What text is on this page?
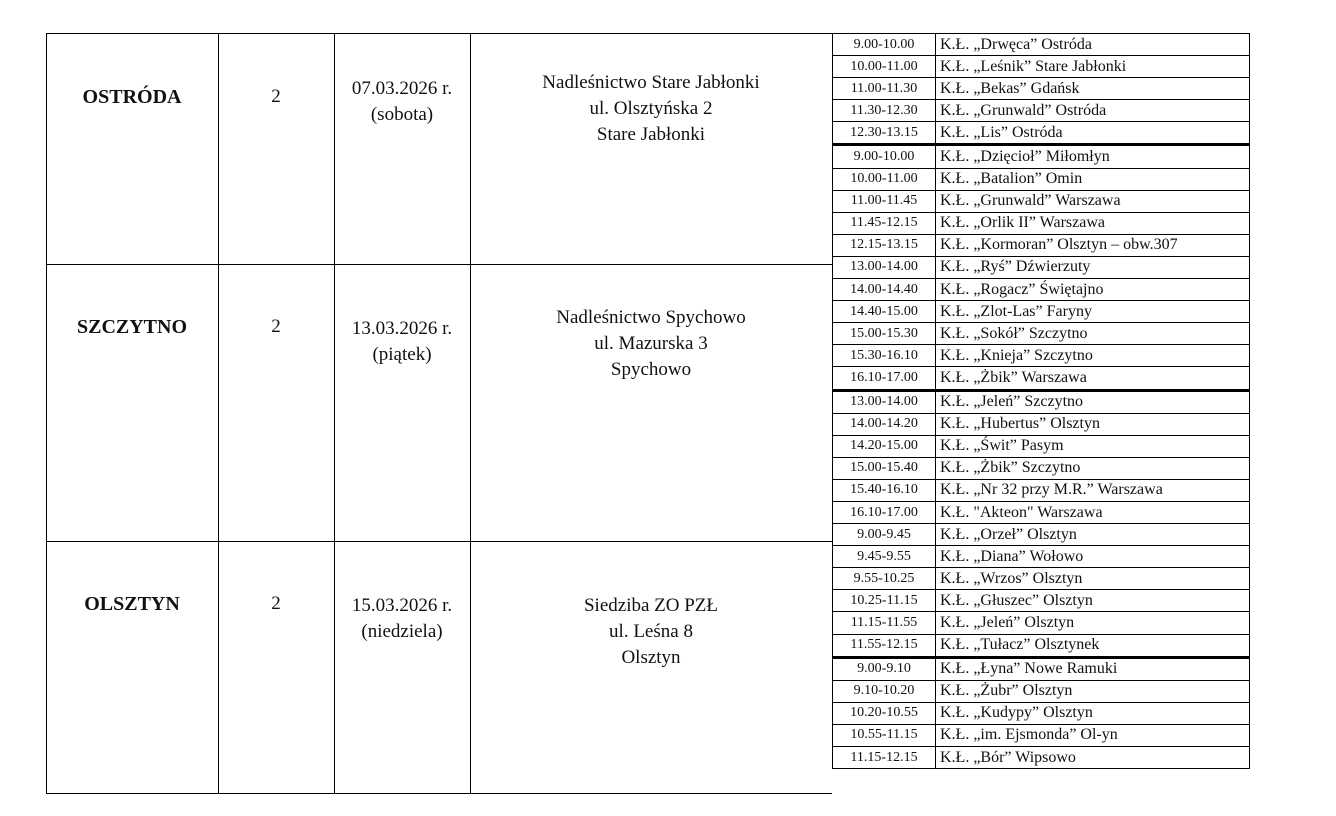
OSTRÓDA	2	07.03.2026 r.
(sobota)
Nadleśnictwo Stare Jabłonki
ul. Olsztyńska 2
Stare Jabłonki
SZCZYTNO	2	13.03.2026 r.
(piątek)
Nadleśnictwo Spychowo
ul. Mazurska 3
Spychowo
OLSZTYN	2	15.03.2026 r.
(niedziela)
Siedziba ZO PZŁ
ul. Leśna 8
Olsztyn
9.00-10.00	K.Ł. „Drwęca” Ostróda
10.00-11.00	K.Ł. „Leśnik” Stare Jabłonki
11.00-11.30	K.Ł. „Bekas” Gdańsk
11.30-12.30	K.Ł. „Grunwald” Ostróda
12.30-13.15	K.Ł. „Lis” Ostróda
9.00-10.00	K.Ł. „Dzięcioł” Miłomłyn
10.00-11.00	K.Ł. „Batalion” Omin
11.00-11.45	K.Ł. „Grunwald” Warszawa
11.45-12.15	K.Ł. „Orlik II” Warszawa
12.15-13.15	K.Ł. „Kormoran” Olsztyn – obw.307
13.00-14.00	K.Ł. „Ryś” Dźwierzuty
14.00-14.40	K.Ł. „Rogacz” Świętajno
14.40-15.00	K.Ł. „Zlot-Las” Faryny
15.00-15.30	K.Ł. „Sokół” Szczytno
15.30-16.10	K.Ł. „Knieja” Szczytno
16.10-17.00	K.Ł. „Żbik” Warszawa
13.00-14.00	K.Ł. „Jeleń” Szczytno
14.00-14.20	K.Ł. „Hubertus” Olsztyn
14.20-15.00	K.Ł. „Świt” Pasym
15.00-15.40	K.Ł. „Żbik” Szczytno
15.40-16.10	K.Ł. „Nr 32 przy M.R.” Warszawa
16.10-17.00	K.Ł. "Akteon" Warszawa
9.00-9.45	K.Ł. „Orzeł” Olsztyn
9.45-9.55	K.Ł. „Diana” Wołowo
9.55-10.25	K.Ł. „Wrzos” Olsztyn
10.25-11.15	K.Ł. „Głuszec” Olsztyn
11.15-11.55	K.Ł. „Jeleń” Olsztyn
11.55-12.15	K.Ł. „Tułacz” Olsztynek
9.00-9.10	K.Ł. „Łyna” Nowe Ramuki
9.10-10.20	K.Ł. „Żubr” Olsztyn
10.20-10.55	K.Ł. „Kudypy” Olsztyn
10.55-11.15	K.Ł. „im. Ejsmonda” Ol-yn
11.15-12.15	K.Ł. „Bór” Wipsowo
